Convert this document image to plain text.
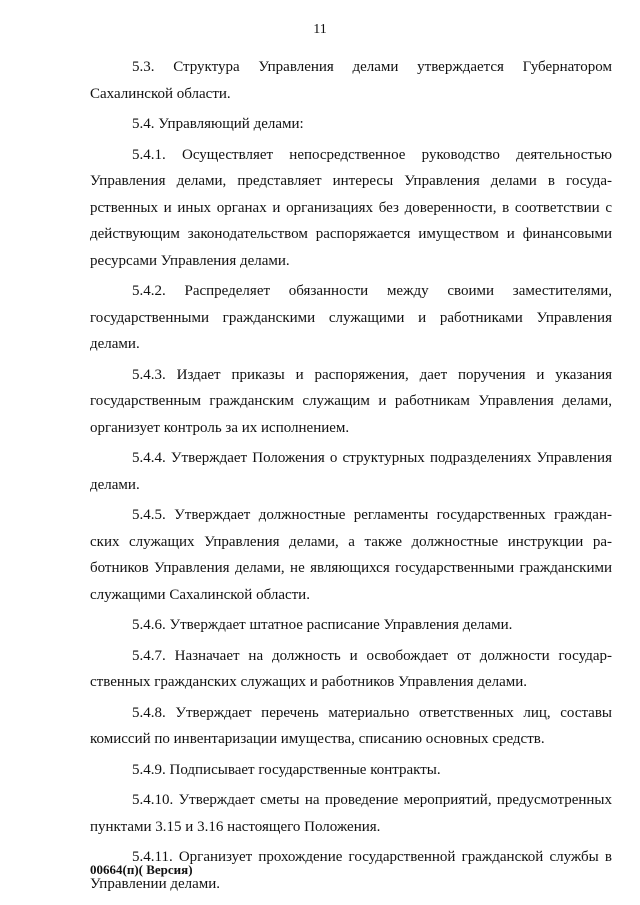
11

5.3. Структура Управления делами утверждается Губернатором Сахалинской области.

5.4. Управляющий делами:

5.4.1. Осуществляет непосредственное руководство деятельностью Управления делами, представляет интересы Управления делами в государственных и иных органах и организациях без доверенности, в соответствии с действующим законодательством распоряжается имуществом и финансовыми ресурсами Управления делами.

5.4.2. Распределяет обязанности между своими заместителями, государственными гражданскими служащими и работниками Управления делами.

5.4.3. Издает приказы и распоряжения, дает поручения и указания государственным гражданским служащим и работникам Управления делами, организует контроль за их исполнением.

5.4.4. Утверждает Положения о структурных подразделениях Управления делами.

5.4.5. Утверждает должностные регламенты государственных гражданских служащих Управления делами, а также должностные инструкции работников Управления делами, не являющихся государственными гражданскими служащими Сахалинской области.

5.4.6. Утверждает штатное расписание Управления делами.

5.4.7. Назначает на должность и освобождает от должности государственных гражданских служащих и работников Управления делами.

5.4.8. Утверждает перечень материально ответственных лиц, составы комиссий по инвентаризации имущества, списанию основных средств.

5.4.9. Подписывает государственные контракты.

5.4.10. Утверждает сметы на проведение мероприятий, предусмотренных пунктами 3.15 и 3.16 настоящего Положения.

5.4.11. Организует прохождение государственной гражданской службы в Управлении делами.

00664(п)( Версия)
